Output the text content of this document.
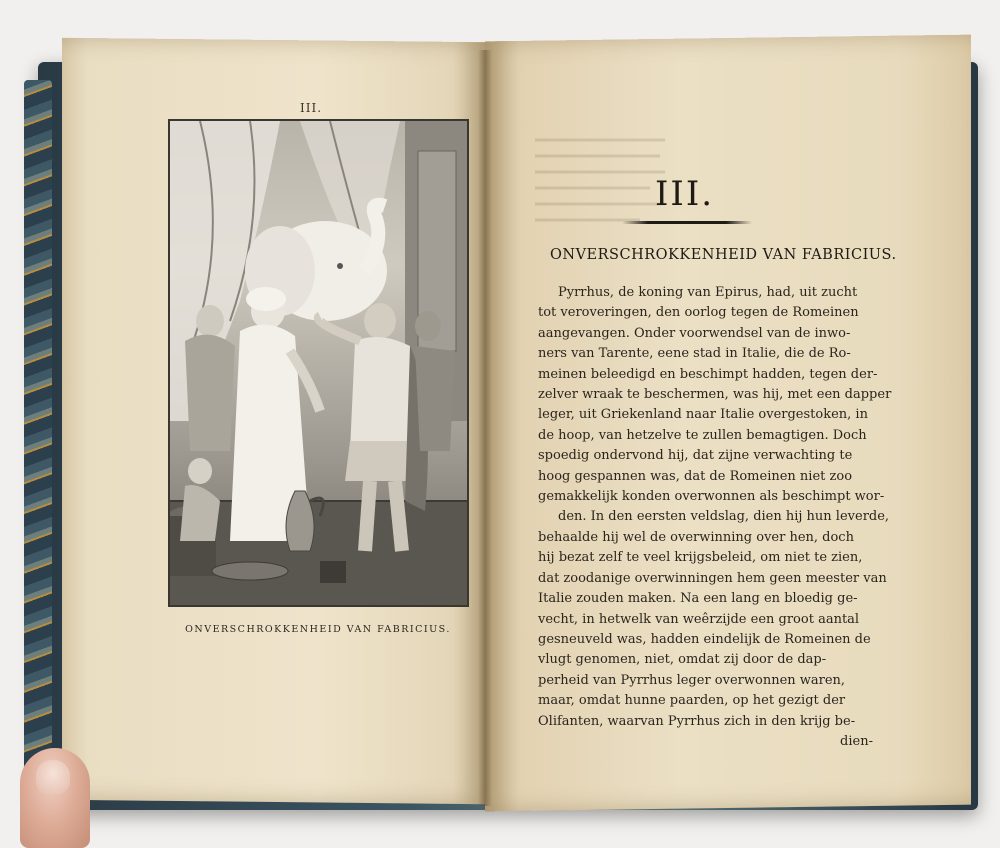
III.
ONVERSCHROKKENHEID VAN FABRICIUS.
III.
ONVERSCHROKKENHEID VAN FABRICIUS.
Pyrrhus, de koning van Epirus, had, uit zucht
tot veroveringen, den oorlog tegen de Romeinen
aangevangen. Onder voorwendsel van de inwo-
ners van Tarente, eene stad in Italie, die de Ro-
meinen beleedigd en beschimpt hadden, tegen der-
zelver wraak te beschermen, was hij, met een dapper
leger, uit Griekenland naar Italie overgestoken, in
de hoop, van hetzelve te zullen bemagtigen. Doch
spoedig ondervond hij, dat zijne verwachting te
hoog gespannen was, dat de Romeinen niet zoo
gemakkelijk konden overwonnen als beschimpt wor-
den. In den eersten veldslag, dien hij hun leverde,
behaalde hij wel de overwinning over hen, doch
hij bezat zelf te veel krijgsbeleid, om niet te zien,
dat zoodanige overwinningen hem geen meester van
Italie zouden maken. Na een lang en bloedig ge-
vecht, in hetwelk van weêrzijde een groot aantal
gesneuveld was, hadden eindelijk de Romeinen de
vlugt genomen, niet, omdat zij door de dap-
perheid van Pyrrhus leger overwonnen waren,
maar, omdat hunne paarden, op het gezigt der
Olifanten, waarvan Pyrrhus zich in den krijg be-
dien-
